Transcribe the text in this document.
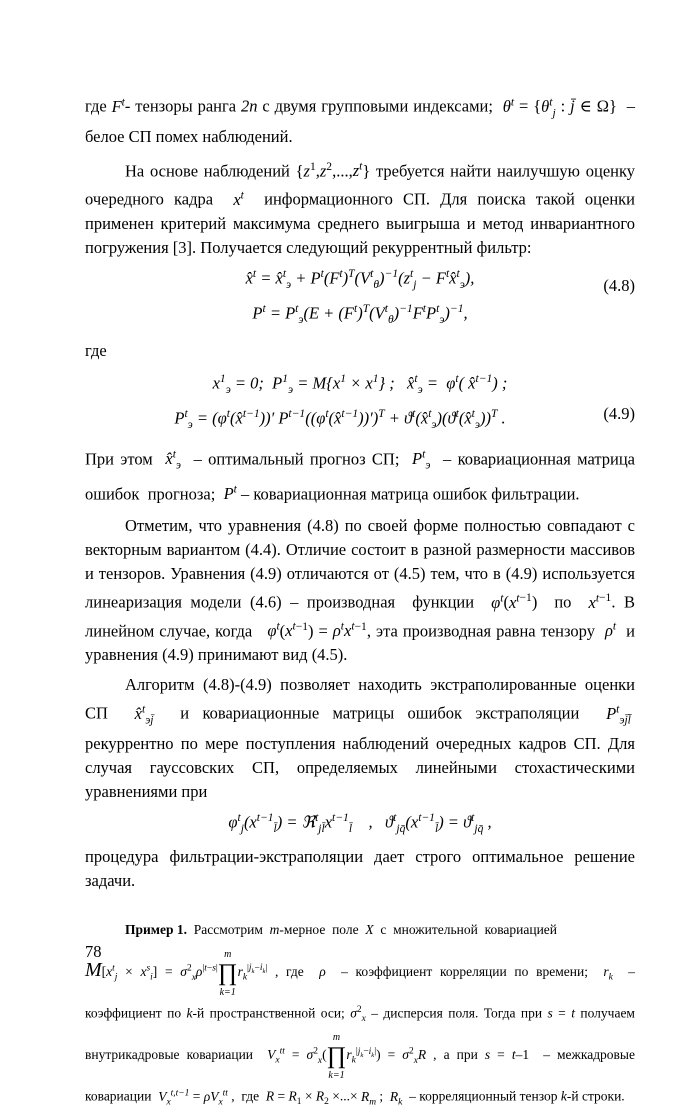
где $F^t-$ тензоры ранга 2n с двумя групповыми индексами;  $\theta^t = \{\theta^t_j$ : j̄ ∈ Ω}  – белое СП помех наблюдений.

На основе наблюдений $\{z^1,z^2,...,z^t\}$ требуется найти наилучшую оценку очередного кадра  $x^t$  информационного СП. Для поиска такой оценки применен критерий максимума среднего выигрыша и метод инвариантного погружения [3]. Получается следующий рекуррентный фильтр:

x̂$^t$ = x̂$^t_э$ + $P^t(F^t)^T(V^t_\theta)^{-1}(z^t_j$ − $F^tx̂^t_э$),
$P^t = P^t_э(E + (F^t)^T(V^t_\theta)^{-1}F^tP^t_э)^{-1}$,
(4.8)

где

$x^1_э = 0$;  $P^1_э = M\{x^1 \times x^1\}$ ;   x̂$^t_э$ =  $\varphi^t$( x̂$^{t-1}$) ;
$P^t_э$ = $(\varphi^t(x̂^{t-1}))'$ $P^{t-1}((\varphi^t(x̂^{t-1}))')^T$ + $ϑ^t(x̂^t_э)(ϑ^t(x̂^t_э))^T$ .	(4.9)

При этом  x̂$^t_э$  – оптимальный прогноз СП;  $P^t_э$  – ковариационная матрица ошибок  прогноза;  $P^t$ – ковариационная матрица ошибок фильтрации.

Отметим, что уравнения (4.8) по своей форме полностью совпадают с векторным вариантом (4.4). Отличие состоит в разной размерности массивов и тензоров. Уравнения (4.9) отличаются от (4.5) тем, что в (4.9) используется линеаризация модели (4.6) – производная  функции  $\varphi^t(x^{t-1})$  по  $x^{t-1}$. В линейном случае, когда   $\varphi^t(x^{t-1}) = \rho^tx^{t-1}$, эта производная равна тензору  $\rho^t$  и уравнения (4.9) принимают вид (4.5).

Алгоритм (4.8)-(4.9) позволяет находить экстраполированные оценки СП  x̂$^t_{эj̄}$  и ковариационные матрицы ошибок экстраполяции  $P^t_{эj̄l̄}$  рекуррентно по мере поступления наблюдений очередных кадров СП. Для случая гауссовских СП, определяемых линейными стохастическими уравнениями при

$\varphi^t_j(x^{t-1}_{l̄})$ = $ℜ^t_{jl̄}x^{t-1}_{l̄}$    ,   $ϑ^t_{jq̄}(x^{t-1}_{l̄}) = ϑ^t_{jq̄}$ ,

процедура фильтрации-экстраполяции дает строго оптимальное решение задачи.

Пример 1.  Рассмотрим  m-мерное  поле  X  с  множительной  ковариацией

$M[x^t_j \times x^s_i] = \sigma^2_x\rho^{|t-s|}m$
∏
$k=1r_k^{|j_k-i_k|}$ , где  ρ  – коэффициент корреляции по времени;  $r_k$  – коэффициент по k-й пространственной оси; $\sigma^2_x$ – дисперсия поля. Тогда при s = t получаем внутрикадровые ковариации  $V_x^{tt} = \sigma^2_x(m$
∏
$k=1r_k^{|j_k-i_k|}) = \sigma^2_xR$ , а при s = t–1  – межкадровые ковариации  $V_x^{t,t-1} = \rho V_x^{tt}$ ,  где  $R = R_1 \times R_2$ ×...× $R_m$ ;  $R_k$  – корреляционный тензор k-й строки.

78
